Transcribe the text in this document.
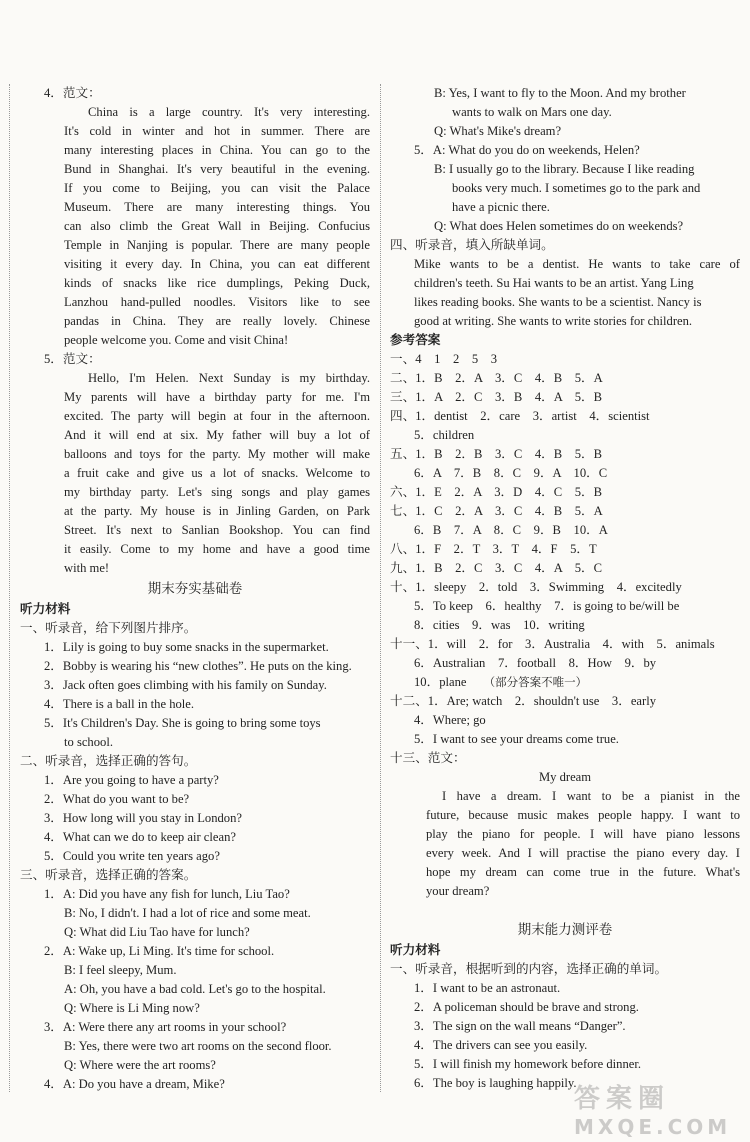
4．范文：
China is a large country. It's very interesting.
It's cold in winter and hot in summer. There are
many interesting places in China. You can go to the
Bund in Shanghai. It's very beautiful in the evening.
If you come to Beijing, you can visit the Palace
Museum. There are many interesting things. You
can also climb the Great Wall in Beijing. Confucius
Temple in Nanjing is popular. There are many people
visiting it every day. In China, you can eat different
kinds of snacks like rice dumplings, Peking Duck,
Lanzhou hand-pulled noodles. Visitors like to see
pandas in China. They are really lovely. Chinese
people welcome you. Come and visit China!
5．范文：
Hello, I'm Helen. Next Sunday is my birthday.
My parents will have a birthday party for me. I'm
excited. The party will begin at four in the afternoon.
And it will end at six. My father will buy a lot of
balloons and toys for the party. My mother will make
a fruit cake and give us a lot of snacks. Welcome to
my birthday party. Let's sing songs and play games
at the party. My house is in Jinling Garden, on Park
Street. It's next to Sanlian Bookshop. You can find
it easily. Come to my home and have a good time
with me!
期末夯实基础卷
听力材料
一、听录音，给下列图片排序。
1．Lily is going to buy some snacks in the supermarket.
2．Bobby is wearing his “new clothes”. He puts on the king.
3．Jack often goes climbing with his family on Sunday.
4．There is a ball in the hole.
5．It's Children's Day. She is going to bring some toys
to school.
二、听录音，选择正确的答句。
1．Are you going to have a party?
2．What do you want to be?
3．How long will you stay in London?
4．What can we do to keep air clean?
5．Could you write ten years ago?
三、听录音，选择正确的答案。
1．A: Did you have any fish for lunch, Liu Tao?
B: No, I didn't. I had a lot of rice and some meat.
Q: What did Liu Tao have for lunch?
2．A: Wake up, Li Ming. It's time for school.
B: I feel sleepy, Mum.
A: Oh, you have a bad cold. Let's go to the hospital.
Q: Where is Li Ming now?
3．A: Were there any art rooms in your school?
B: Yes, there were two art rooms on the second floor.
Q: Where were the art rooms?
4．A: Do you have a dream, Mike?
B: Yes, I want to fly to the Moon. And my brother
wants to walk on Mars one day.
Q: What's Mike's dream?
5．A: What do you do on weekends, Helen?
B: I usually go to the library. Because I like reading
books very much. I sometimes go to the park and
have a picnic there.
Q: What does Helen sometimes do on weekends?
四、听录音，填入所缺单词。
Mike wants to be a dentist. He wants to take care of
children's teeth. Su Hai wants to be an artist. Yang Ling
likes reading books. She wants to be a scientist. Nancy is
good at writing. She wants to write stories for children.
参考答案
一、4　1　2　5　3
二、1．B　2．A　3．C　4．B　5．A
三、1．A　2．C　3．B　4．A　5．B
四、1．dentist　2．care　3．artist　4．scientist
5．children
五、1．B　2．B　3．C　4．B　5．B
6．A　7．B　8．C　9．A　10．C
六、1．E　2．A　3．D　4．C　5．B
七、1．C　2．A　3．C　4．B　5．A
6．B　7．A　8．C　9．B　10．A
八、1．F　2．T　3．T　4．F　5．T
九、1．B　2．C　3．C　4．A　5．C
十、1．sleepy　2．told　3．Swimming　4．excitedly
5．To keep　6．healthy　7．is going to be/will be
8．cities　9．was　10．writing
十一、1．will　2．for　3．Australia　4．with　5．animals
6．Australian　7．football　8．How　9．by
10．plane （部分答案不唯一）
十二、1．Are; watch　2．shouldn't use　3．early
4．Where; go
5．I want to see your dreams come true.
十三、范文：
My dream
I have a dream. I want to be a pianist in the
future, because music makes people happy. I want to
play the piano for people. I will have piano lessons
every week. And I will practise the piano every day. I
hope my dream can come true in the future. What's
your dream?
期末能力测评卷
听力材料
一、听录音，根据听到的内容，选择正确的单词。
1．I want to be an astronaut.
2．A policeman should be brave and strong.
3．The sign on the wall means “Danger”.
4．The drivers can see you easily.
5．I will finish my homework before dinner.
6．The boy is laughing happily.
答案圈
MXQE.COM
